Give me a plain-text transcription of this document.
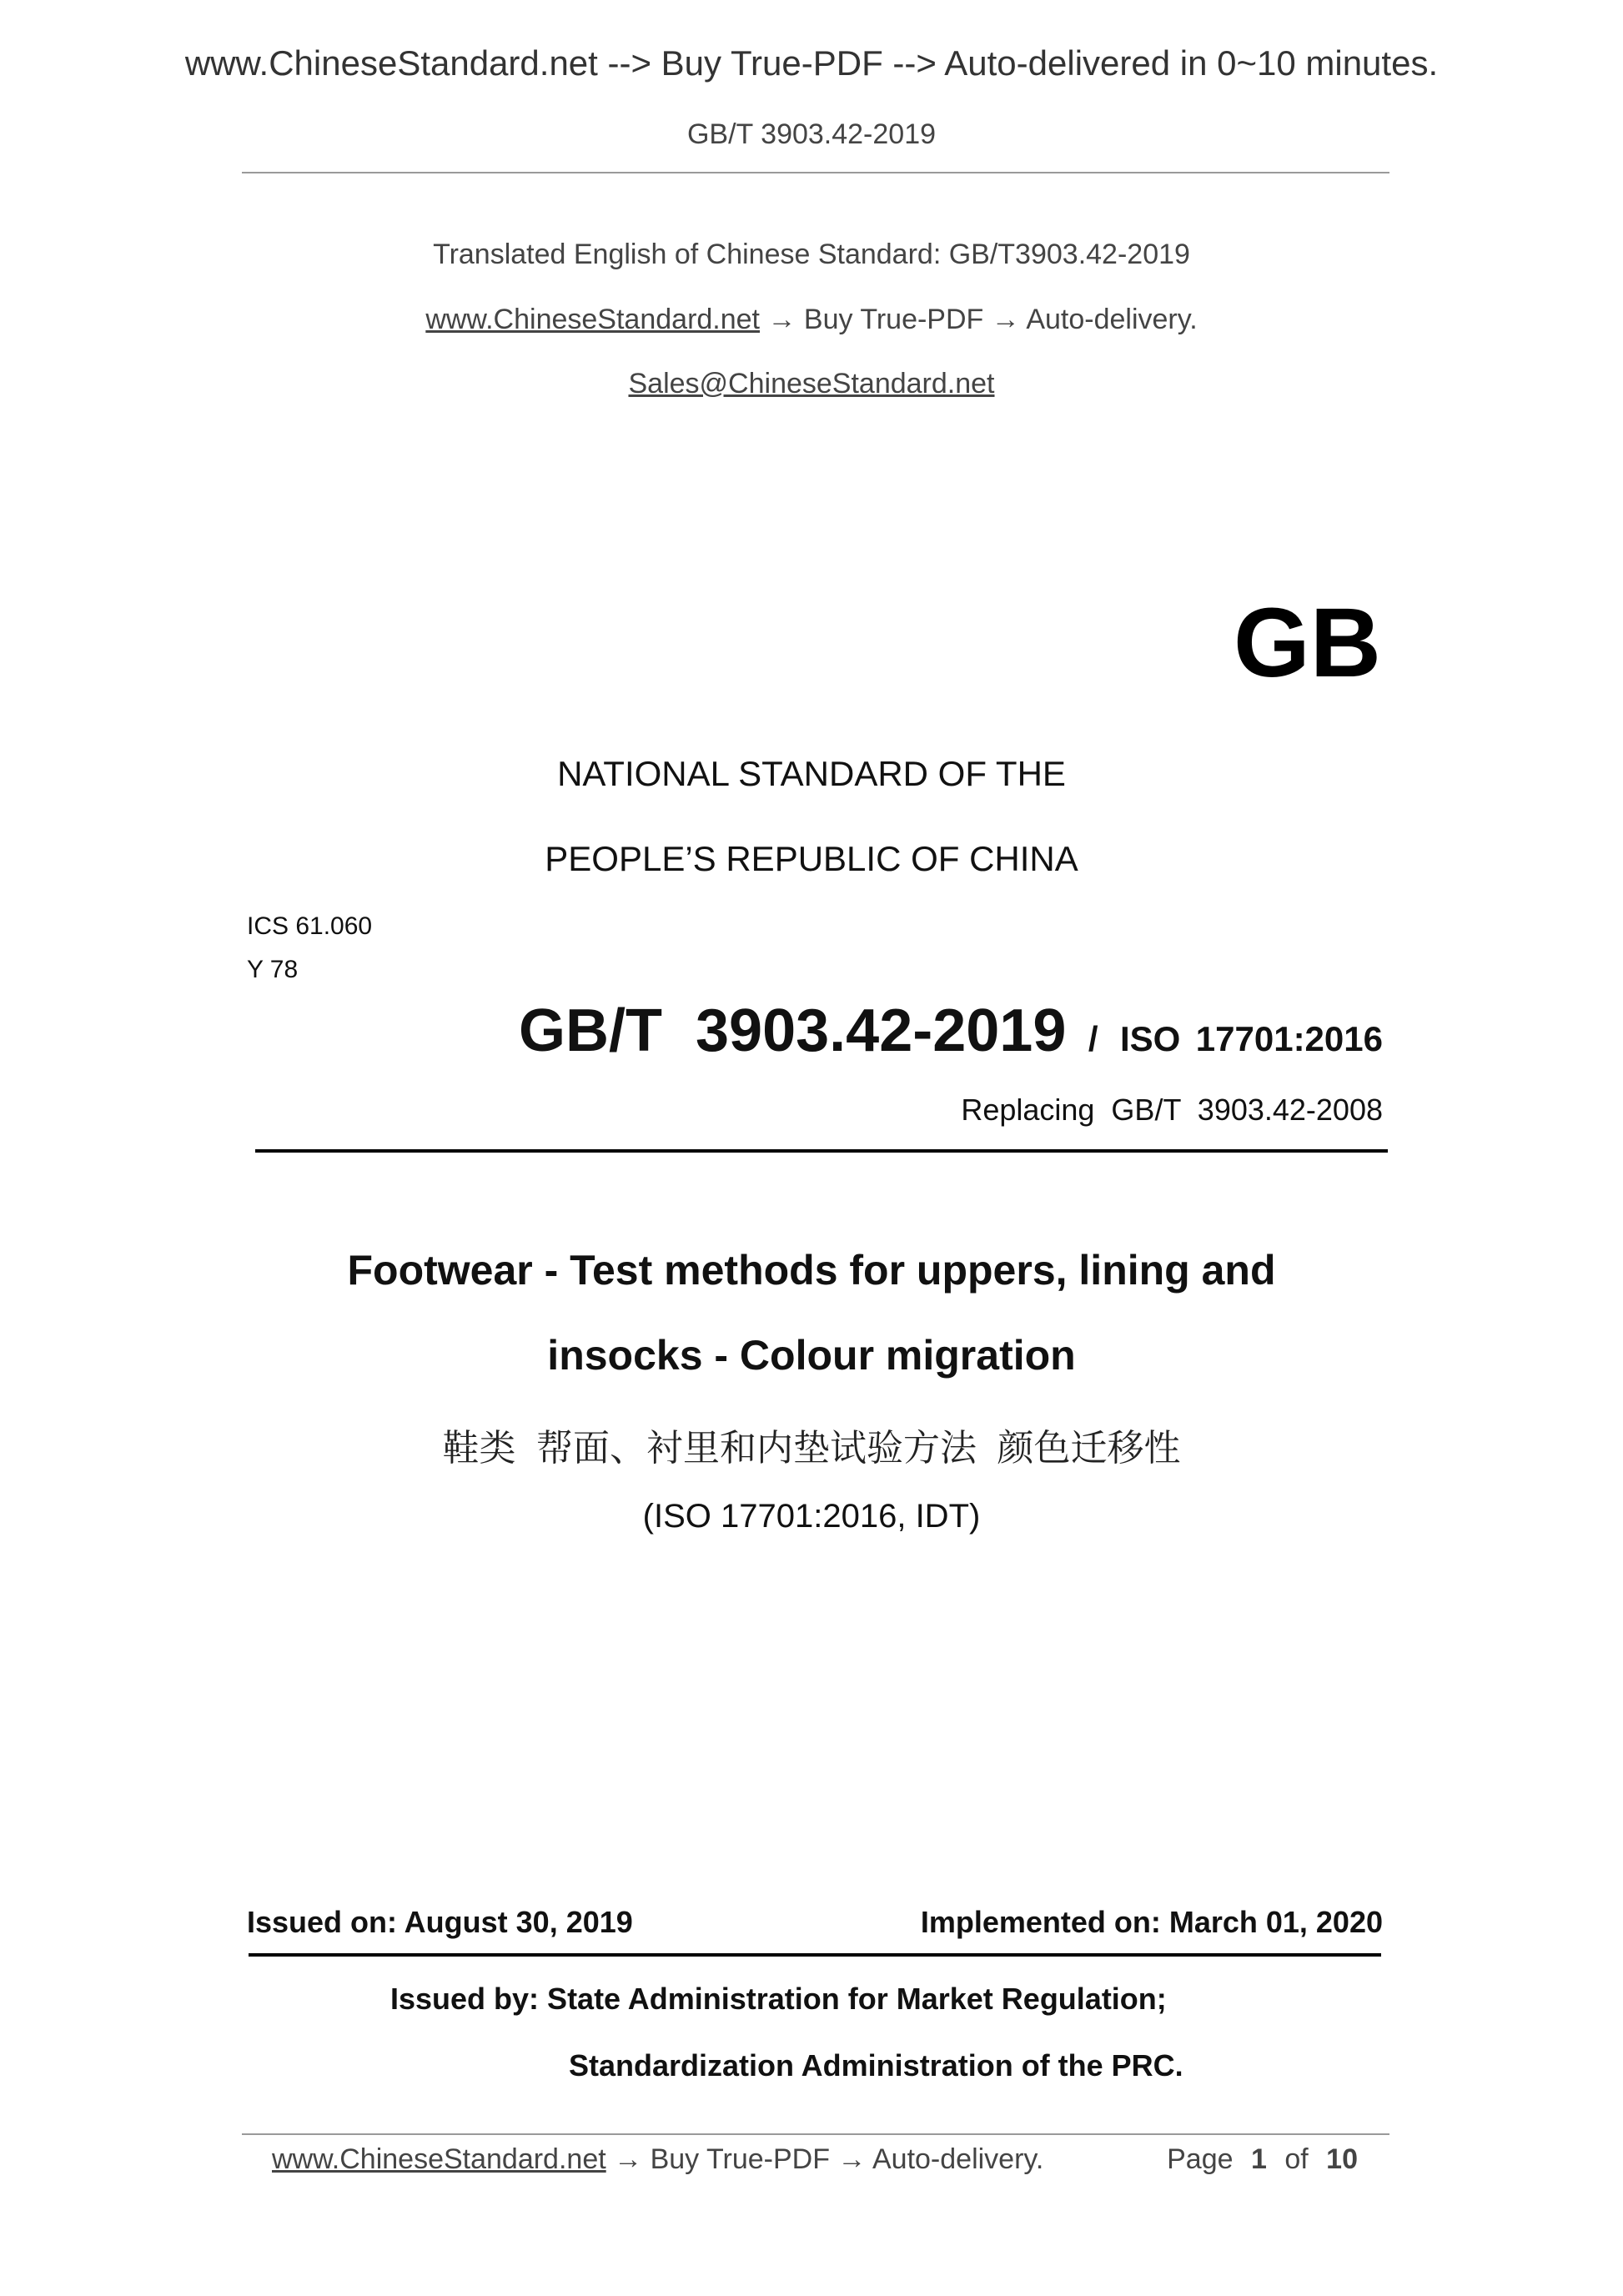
www.ChineseStandard.net --> Buy True-PDF --> Auto-delivered in 0~10 minutes.
GB/T 3903.42-2019
Translated English of Chinese Standard: GB/T3903.42-2019
www.ChineseStandard.net → Buy True-PDF → Auto-delivery.
Sales@ChineseStandard.net
GB
NATIONAL STANDARD OF THE
PEOPLE’S REPUBLIC OF CHINA
ICS 61.060
Y 78
GB/T  3903.42-2019 / ISO 17701:2016
Replacing  GB/T  3903.42-2008
Footwear - Test methods for uppers, lining and
insocks - Colour migration
鞋类  帮面、衬里和内垫试验方法  颜色迁移性
(ISO 17701:2016, IDT)
Issued on: August 30, 2019	Implemented on: March 01, 2020
Issued by: State Administration for Market Regulation;
Standardization Administration of the PRC.
www.ChineseStandard.net → Buy True-PDF → Auto-delivery.	Page 1 of 10
